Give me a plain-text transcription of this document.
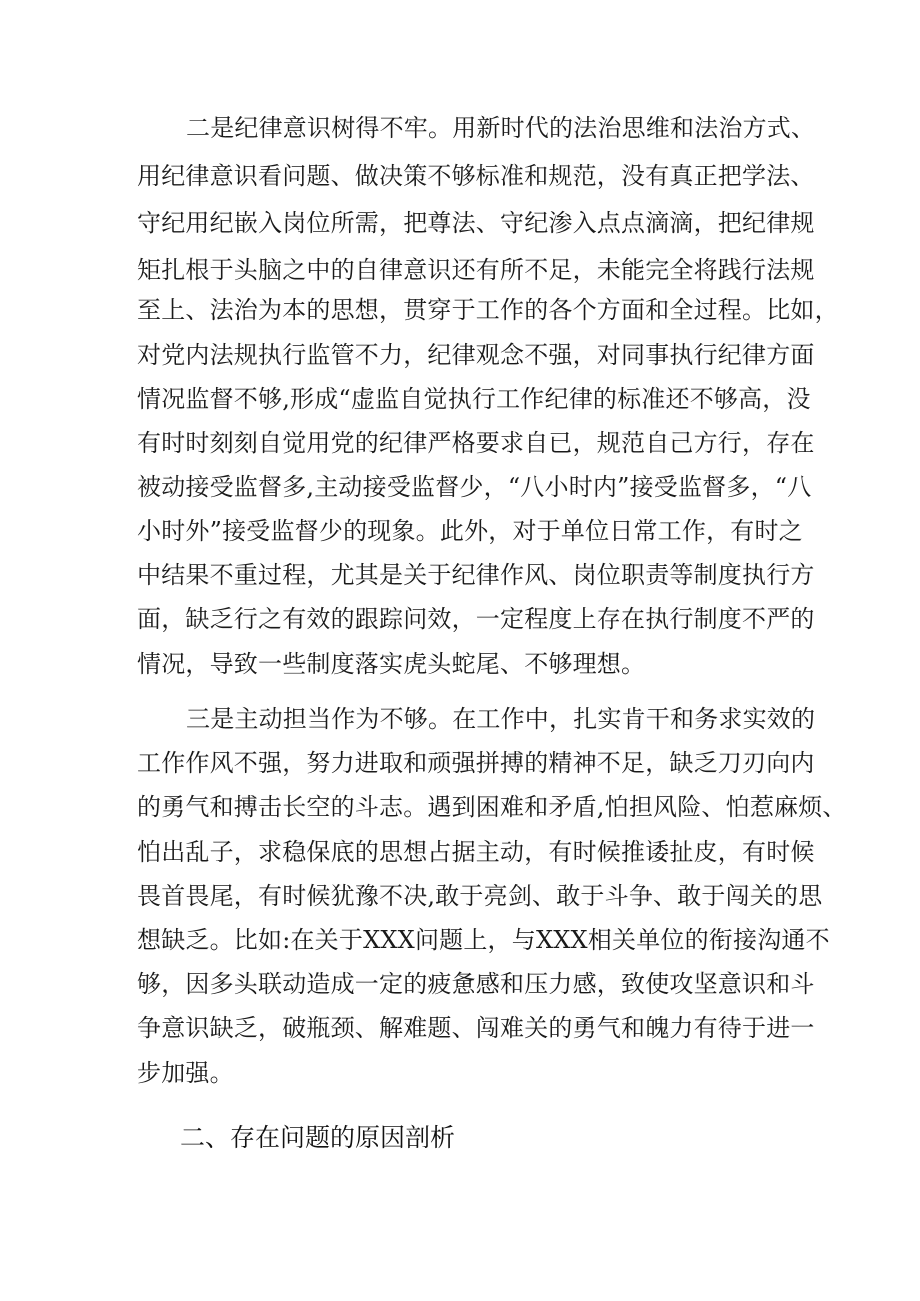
二是纪律意识树得不牢。用新时代的法治思维和法治方式、
用纪律意识看问题、做决策不够标准和规范，没有真正把学法、
守纪用纪嵌入岗位所需，把尊法、守纪渗入点点滴滴，把纪律规
矩扎根于头脑之中的自律意识还有所不足，未能完全将践行法规
至上、法治为本的思想，贯穿于工作的各个方面和全过程。比如，
对党内法规执行监管不力，纪律观念不强，对同事执行纪律方面
情况监督不够,形成“虚监自觉执行工作纪律的标准还不够高，没
有时时刻刻自觉用党的纪律严格要求自已，规范自己方行，存在
被动接受监督多,主动接受监督少，“八小时内”接受监督多，“八
小时外”接受监督少的现象。此外，对于单位日常工作，有时之
中结果不重过程，尤其是关于纪律作风、岗位职责等制度执行方
面，缺乏行之有效的跟踪问效，一定程度上存在执行制度不严的
情况，导致一些制度落实虎头蛇尾、不够理想。
三是主动担当作为不够。在工作中，扎实肯干和务求实效的
工作作风不强，努力进取和顽强拼搏的精神不足，缺乏刀刃向内
的勇气和搏击长空的斗志。遇到困难和矛盾,怕担风险、怕惹麻烦、
怕出乱子，求稳保底的思想占据主动，有时候推诿扯皮，有时候
畏首畏尾，有时候犹豫不决,敢于亮剑、敢于斗争、敢于闯关的思
想缺乏。比如:在关于XXX问题上，与XXX相关单位的衔接沟通不
够，因多头联动造成一定的疲惫感和压力感，致使攻坚意识和斗
争意识缺乏，破瓶颈、解难题、闯难关的勇气和魄力有待于进一
步加强。
二、存在问题的原因剖析
